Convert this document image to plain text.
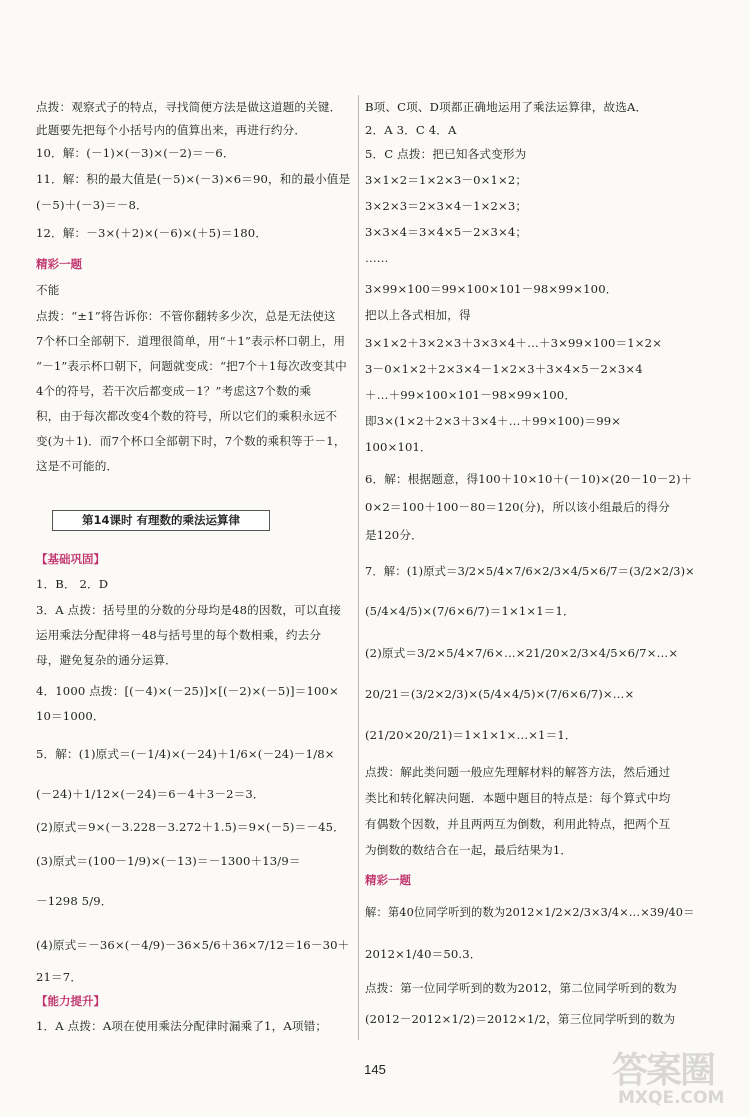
点拨：观察式子的特点，寻找简便方法是做这道题的关键．
此题要先把每个小括号内的值算出来，再进行约分．
10．解：(－1)×(－3)×(－2)＝－6．
11．解：积的最大值是(－5)×(－3)×6＝90，和的最小值是
(－5)＋(－3)＝－8．
12．解：－3×(＋2)×(－6)×(＋5)＝180．
精彩一题
不能
点拨：“±1”将告诉你：不管你翻转多少次，总是无法使这
7个杯口全部朝下．道理很简单，用“＋1”表示杯口朝上，用
“－1”表示杯口朝下，问题就变成：“把7个＋1每次改变其中
4个的符号，若干次后都变成－1？”考虑这7个数的乘
积，由于每次都改变4个数的符号，所以它们的乘积永远不
变(为＋1)．而7个杯口全部朝下时，7个数的乘积等于－1，
这是不可能的．
【基础巩固】
1．B． 2．D
3．A 点拨：括号里的分数的分母均是48的因数，可以直接
运用乘法分配律将－48与括号里的每个数相乘，约去分
母，避免复杂的通分运算．
4．1000 点拨：[(－4)×(－25)]×[(－2)×(－5)]＝100×
10＝1000．
5．解：(1)原式＝(－1/4)×(－24)＋1/6×(－24)－1/8×
(－24)＋1/12×(－24)＝6－4＋3－2＝3．
(2)原式＝9×(－3.228－3.272＋1.5)＝9×(－5)＝－45．
(3)原式＝(100－1/9)×(－13)＝－1300＋13/9＝
－1298 5/9．
(4)原式＝－36×(－4/9)－36×5/6＋36×7/12＝16－30＋
21＝7．
【能力提升】
1．A 点拨：A项在使用乘法分配律时漏乘了1，A项错；
第14课时 有理数的乘法运算律
B项、C项、D项都正确地运用了乘法运算律，故选A．
2．A 3．C 4．A
5．C 点拨：把已知各式变形为
3×1×2＝1×2×3－0×1×2；
3×2×3＝2×3×4－1×2×3；
3×3×4＝3×4×5－2×3×4；
……
3×99×100＝99×100×101－98×99×100．
把以上各式相加，得
3×1×2＋3×2×3＋3×3×4＋…＋3×99×100＝1×2×
3－0×1×2＋2×3×4－1×2×3＋3×4×5－2×3×4
＋…＋99×100×101－98×99×100．
即3×(1×2＋2×3＋3×4＋…＋99×100)＝99×
100×101．
6．解：根据题意，得100＋10×10＋(－10)×(20－10－2)＋
0×2＝100＋100－80＝120(分)，所以该小组最后的得分
是120分．
7．解：(1)原式＝3/2×5/4×7/6×2/3×4/5×6/7＝(3/2×2/3)×
(5/4×4/5)×(7/6×6/7)＝1×1×1＝1．
(2)原式＝3/2×5/4×7/6×…×21/20×2/3×4/5×6/7×…×
20/21＝(3/2×2/3)×(5/4×4/5)×(7/6×6/7)×…×
(21/20×20/21)＝1×1×1×…×1＝1．
点拨：解此类问题一般应先理解材料的解答方法，然后通过
类比和转化解决问题．本题中题目的特点是：每个算式中均
有偶数个因数，并且两两互为倒数，利用此特点，把两个互
为倒数的数结合在一起，最后结果为1．
精彩一题
解：第40位同学听到的数为2012×1/2×2/3×3/4×…×39/40＝
2012×1/40＝50.3．
点拨：第一位同学听到的数为2012，第二位同学听到的数为
(2012－2012×1/2)＝2012×1/2，第三位同学听到的数为
145	答案圈
MXQE.COM
